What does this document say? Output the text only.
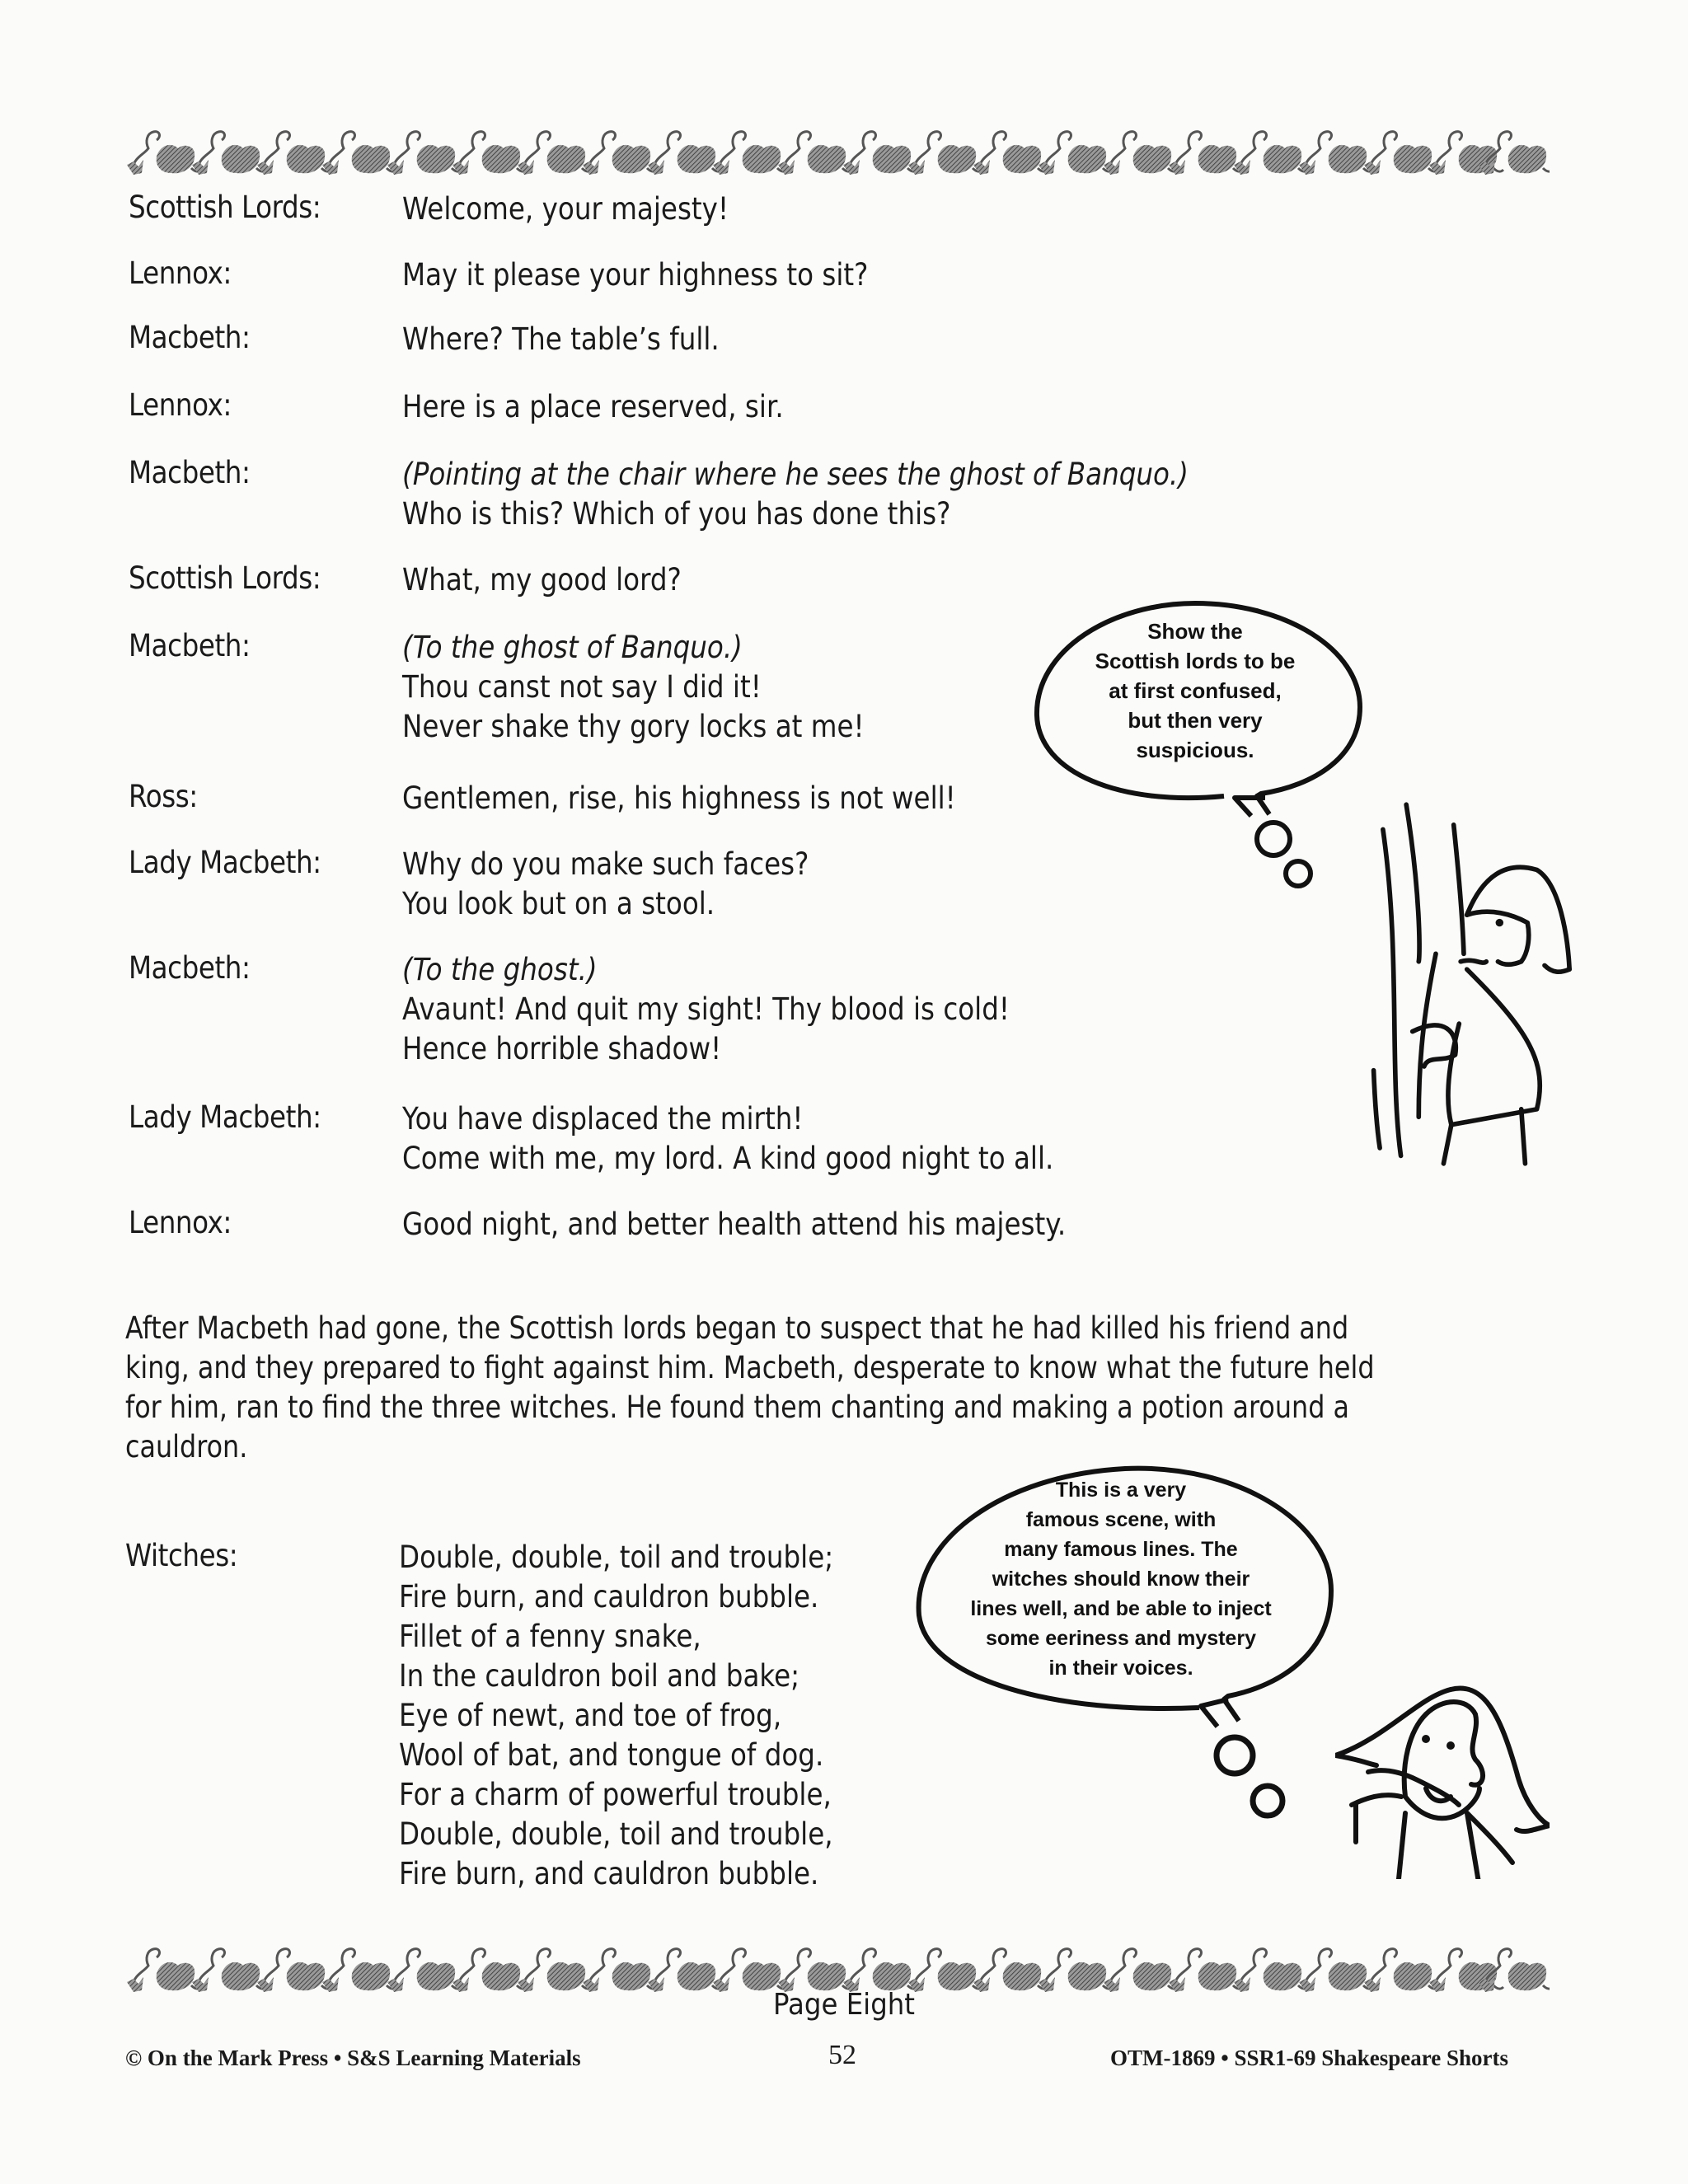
Scottish Lords:	Welcome, your majesty!
Lennox:	May it please your highness to sit?
Macbeth:	Where? The table’s full.
Lennox:	Here is a place reserved, sir.
Macbeth:	(Pointing at the chair where he sees the ghost of Banquo.)
Who is this? Which of you has done this?
Scottish Lords:	What, my good lord?
Macbeth:	(To the ghost of Banquo.)
Thou canst not say I did it!
Never shake thy gory locks at me!
Ross:	Gentlemen, rise, his highness is not well!
Lady Macbeth:	Why do you make such faces?
You look but on a stool.
Macbeth:	(To the ghost.)
Avaunt! And quit my sight! Thy blood is cold!
Hence horrible shadow!
Lady Macbeth:	You have displaced the mirth!
Come with me, my lord. A kind good night to all.
Lennox:	Good night, and better health attend his majesty.
Show the
Scottish lords to be
at first confused,
but then very
suspicious.
After Macbeth had gone, the Scottish lords began to suspect that he had killed his friend and
king, and they prepared to fight against him. Macbeth, desperate to know what the future held
for him, ran to find the three witches. He found them chanting and making a potion around a
cauldron.
Witches:	Double, double, toil and trouble;
Fire burn, and cauldron bubble.
Fillet of a fenny snake,
In the cauldron boil and bake;
Eye of newt, and toe of frog,
Wool of bat, and tongue of dog.
For a charm of powerful trouble,
Double, double, toil and trouble,
Fire burn, and cauldron bubble.
This is a very
famous scene, with
many famous lines. The
witches should know their
lines well, and be able to inject
some eeriness and mystery
in their voices.
Page Eight
© On the Mark Press • S&S Learning Materials	52	OTM-1869 • SSR1-69 Shakespeare Shorts
